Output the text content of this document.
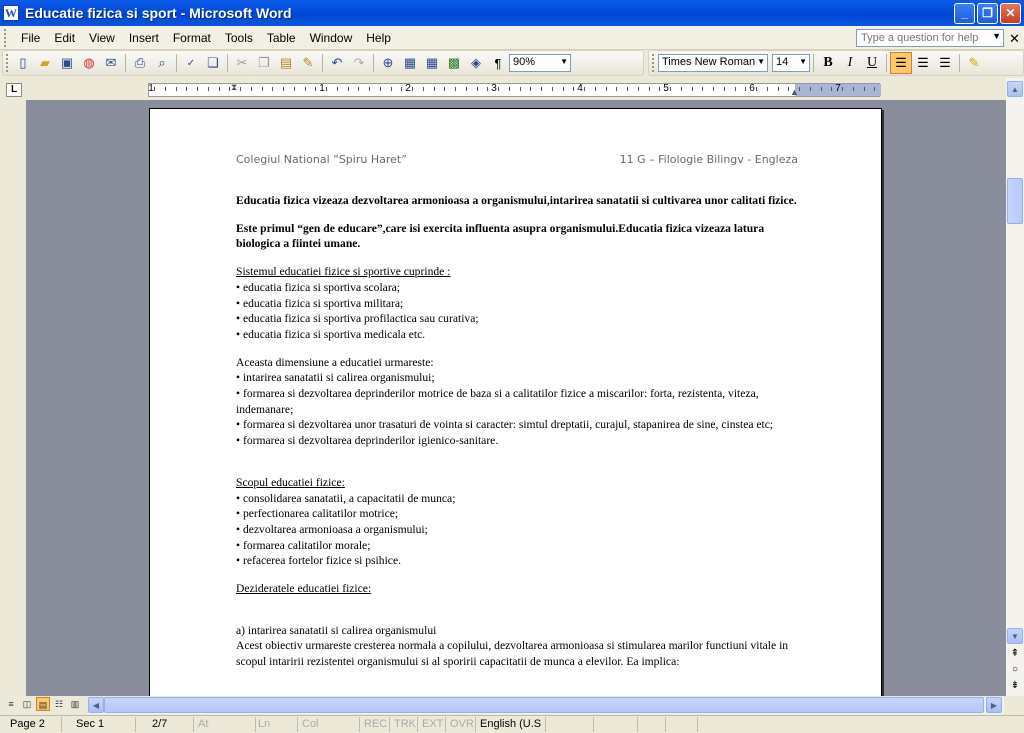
W Educatie fizica si sport - Microsoft Word	_	❐	✕
File	Edit	View	Insert	Format	Tools	Table	Window	Help	Type a question for help ▼ ✕
▯	▰ ▣ ◍ ✉	⎙	⌕	✓ ❏	✂ ❐ ▤ ✎	↶ ↷	⊕ ▦ ▦ ▩ ◈	¶	90%	▼	Times New Roman ▼	14 ▼	B	I	U	☰ ☰ ☰	✎
L	1	1	2	3	4	5	6	7
⧗	▲
Colegiul National “Spiru Haret”	11 G – Filologie Bilingv - Engleza

Educatia fizica vizeaza dezvoltarea armonioasa a organismului,intarirea sanatatii si cultivarea unor calitati fizice.

Este primul “gen de educare”,care isi exercita influenta asupra organismului.Educatia fizica vizeaza latura biologica a fiintei umane.

Sistemul educatiei fizice si sportive cuprinde :

• educatia fizica si sportiva scolara;

• educatia fizica si sportiva militara;

• educatia fizica si sportiva profilactica sau curativa;

• educatia fizica si sportiva medicala etc.

Aceasta dimensiune a educatiei urmareste:

• intarirea sanatatii si calirea organismului;

• formarea si dezvoltarea deprinderilor motrice de baza si a calitatilor fizice a miscarilor: forta, rezistenta, viteza, indemanare;

• formarea si dezvoltarea unor trasaturi de vointa si caracter: simtul dreptatii, curajul, stapanirea de sine, cinstea etc;

• formarea si dezvoltarea deprinderilor igienico-sanitare.

Scopul educatiei fizice:

• consolidarea sanatatii, a capacitatii de munca;

• perfectionarea calitatilor motrice;

• dezvoltarea armonioasa a organismului;

• formarea calitatilor morale;

• refacerea fortelor fizice si psihice.

Dezideratele educatiei fizice:

a) intarirea sanatatii si calirea organismului

Acest obiectiv urmareste cresterea normala a copilului, dezvoltarea armonioasa si stimularea marilor functiuni vitale in scopul intaririi rezistentei organismului si al sporirii capacitatii de munca a elevilor. Ea implica:

▲
▼
⇞
○
⇟
≡	◫ ▤ ☷ ▥	◀	▶
Page 2	Sec 1	2/7	At	Ln	Col	REC TRK EXT OVR English (U.S
